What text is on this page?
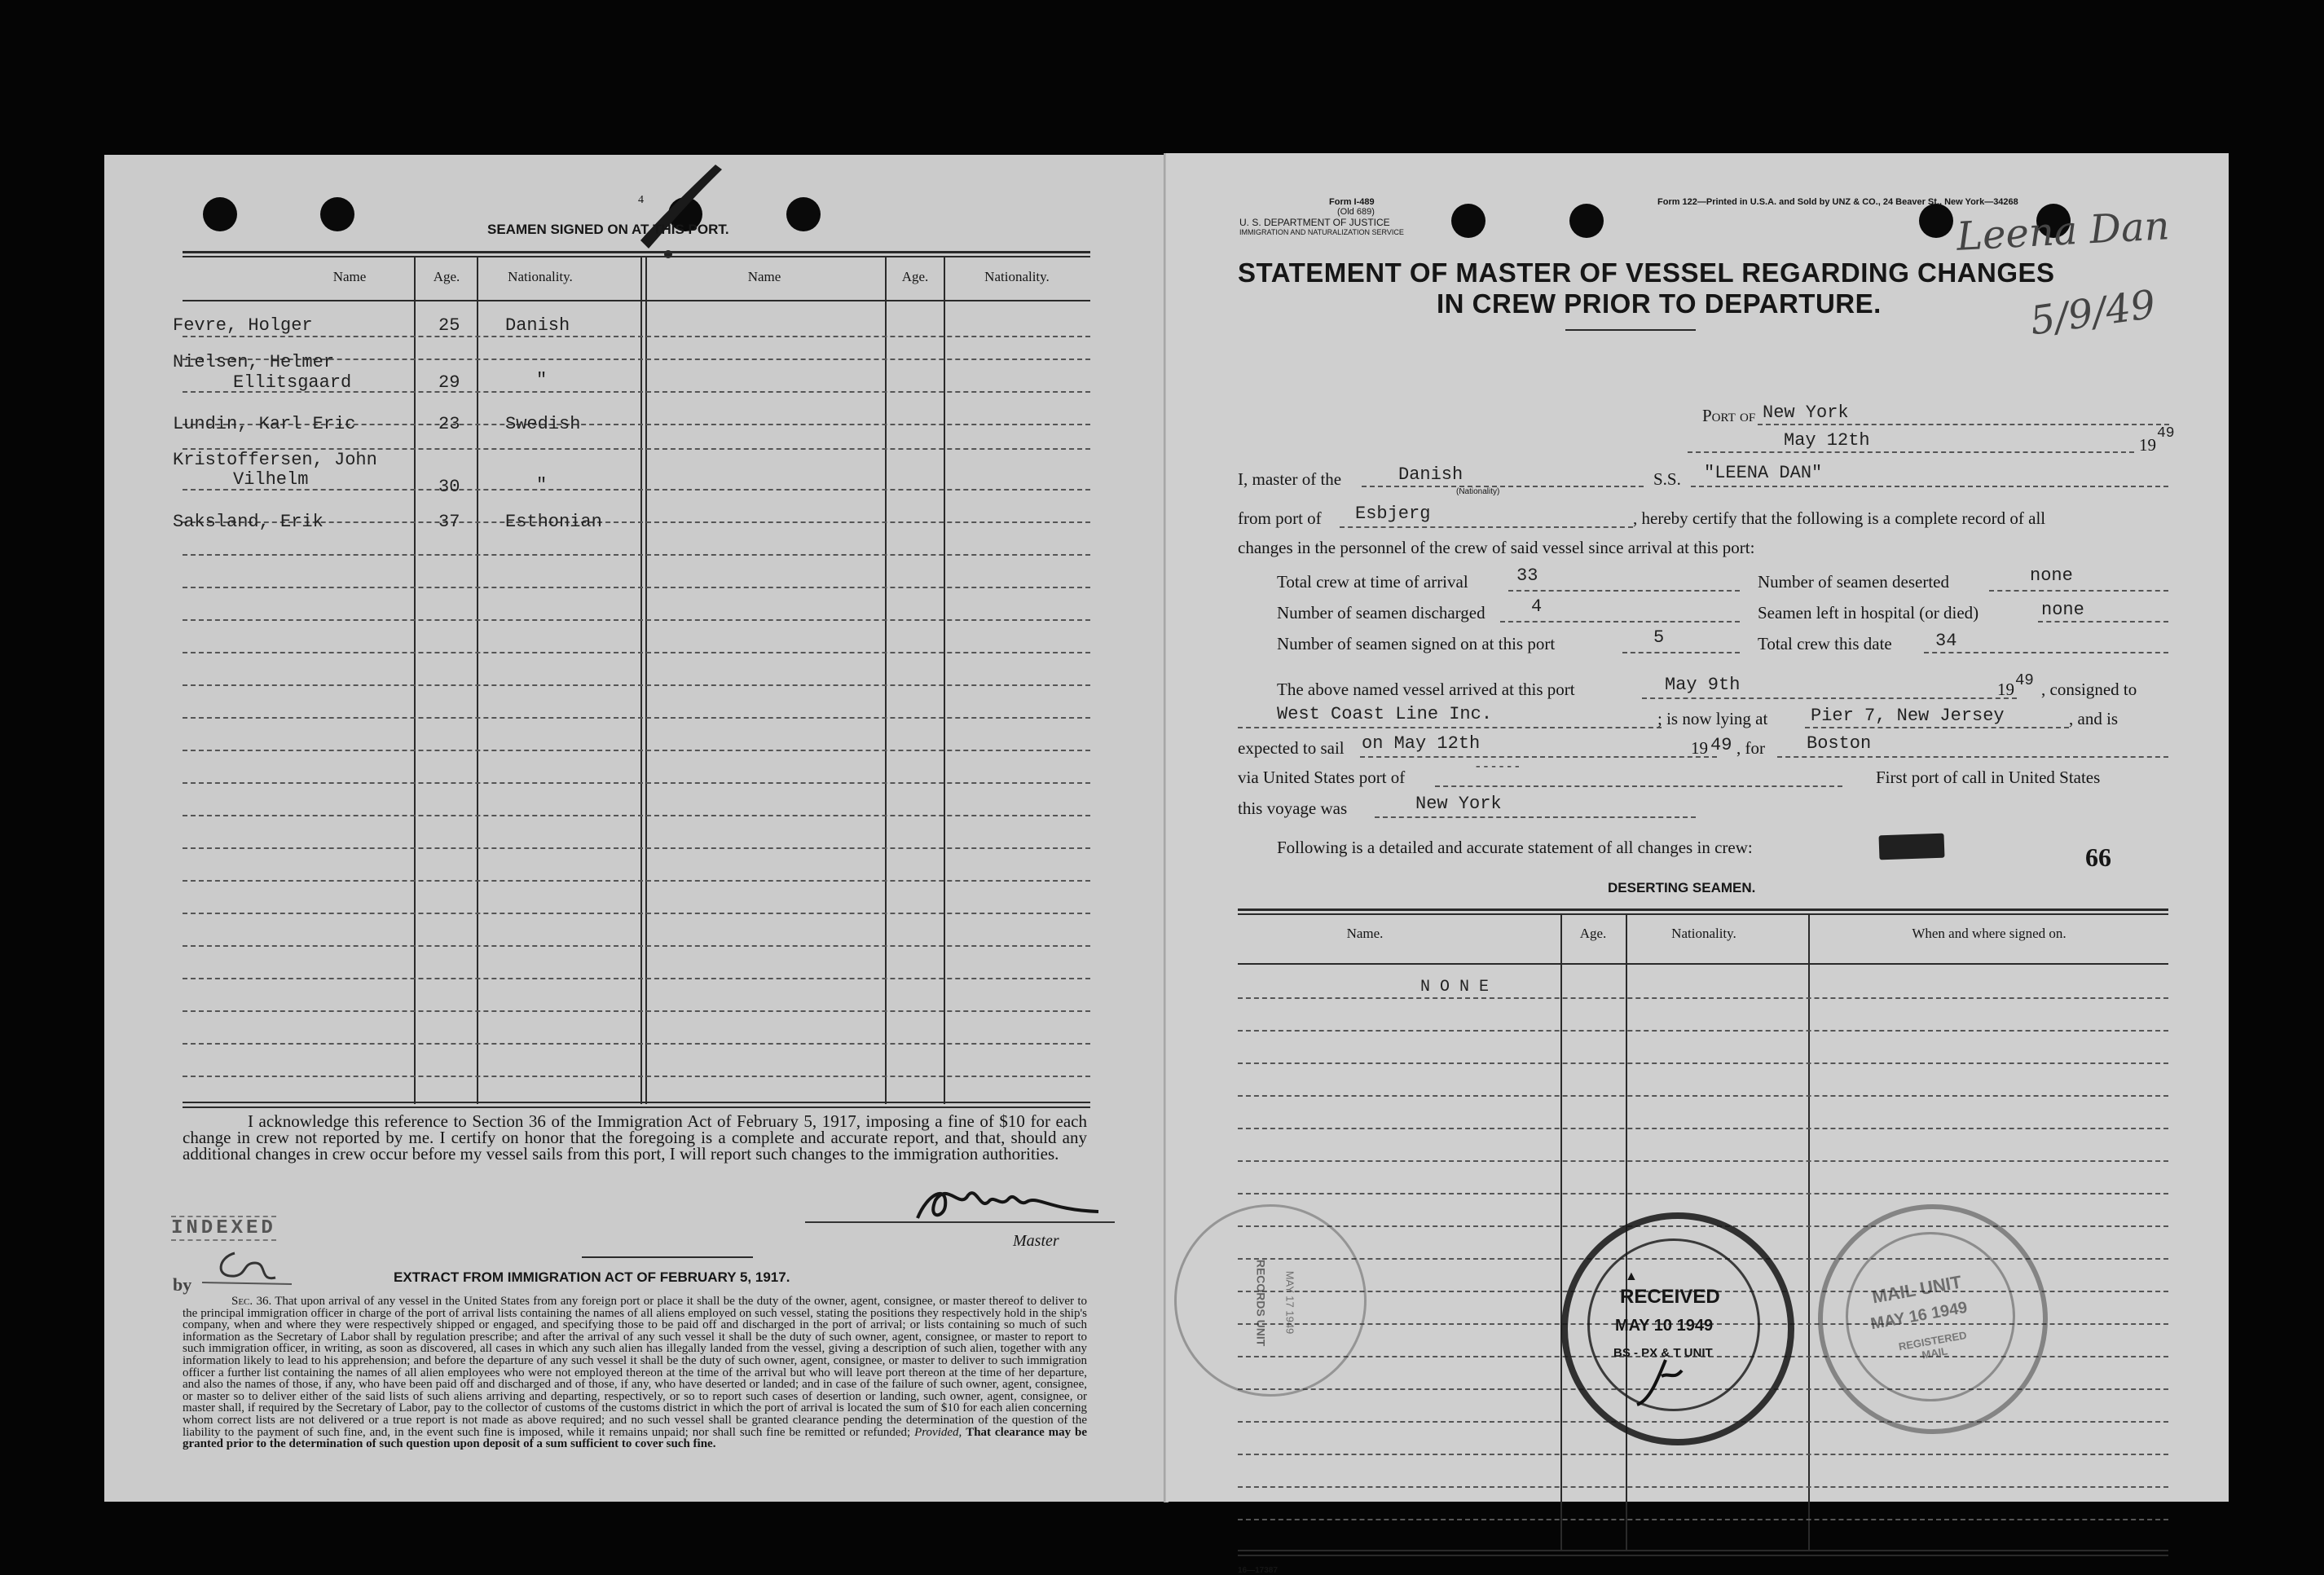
4
SEAMEN SIGNED ON AT THIS PORT.
Name	Age.	Nationality.	Name	Age.	Nationality.
Fevre, Holger	25	Danish
Nielsen, Helmer
Ellitsgaard	29	"
Lundin, Karl Eric	23	Swedish
Kristoffersen, John
Vilhelm	30	"
Saksland, Erik	37	Esthonian
I acknowledge this reference to Section 36 of the Immigration Act of February 5, 1917, imposing a fine of $10 for each change in crew not reported by me. I certify on honor that the foregoing is a complete and accurate report, and that, should any additional changes in crew occur before my vessel sails from this port, I will report such changes to the immigration authorities.
Master
INDEXED
by	EXTRACT FROM IMMIGRATION ACT OF FEBRUARY 5, 1917.
Sec. 36. That upon arrival of any vessel in the United States from any foreign port or place it shall be the duty of the owner, agent, consignee, or master thereof to deliver to the principal immigration officer in charge of the port of arrival lists containing the names of all aliens employed on such vessel, stating the positions they respectively hold in the ship's company, when and where they were respectively shipped or engaged, and specifying those to be paid off and discharged in the port of arrival; or lists containing so much of such information as the Secretary of Labor shall by regulation prescribe; and after the arrival of any such vessel it shall be the duty of such owner, agent, consignee, or master to report to such immigration officer, in writing, as soon as discovered, all cases in which any such alien has illegally landed from the vessel, giving a description of such alien, together with any information likely to lead to his apprehension; and before the departure of any such vessel it shall be the duty of such owner, agent, consignee, or master to deliver to such immigration officer a further list containing the names of all alien employees who were not employed thereon at the time of the arrival but who will leave port thereon at the time of her departure, and also the names of those, if any, who have been paid off and discharged and of those, if any, who have deserted or landed; and in case of the failure of such owner, agent, consignee, or master so to deliver either of the said lists of such aliens arriving and departing, respectively, or so to report such cases of desertion or landing, such owner, agent, consignee, or master shall, if required by the Secretary of Labor, pay to the collector of customs of the customs district in which the port of arrival is located the sum of $10 for each alien concerning whom correct lists are not delivered or a true report is not made as above required; and no such vessel shall be granted clearance pending the determination of the question of the liability to the payment of such fine, and, in the event such fine is imposed, while it remains unpaid; nor shall such fine be remitted or refunded; Provided, That clearance may be granted prior to the determination of such question upon deposit of a sum sufficient to cover such fine.
Form I-489
(Old 689)
U. S. DEPARTMENT OF JUSTICE
IMMIGRATION AND NATURALIZATION SERVICE
Form 122—Printed in U.S.A. and Sold by UNZ & CO., 24 Beaver St., New York—34268
Leena Dan
5/9/49
STATEMENT OF MASTER OF VESSEL REGARDING CHANGES
IN CREW PRIOR TO DEPARTURE.
Port of New York
May 12th	19
49
I, master of the	Danish
(Nationality)
S.S. "LEENA DAN"
from port of Esbjerg	, hereby certify that the following is a complete record of all
changes in the personnel of the crew of said vessel since arrival at this port:
Total crew at time of arrival	33	Number of seamen deserted	none
Number of seamen discharged	4	Seamen left in hospital (or died)	none
Number of seamen signed on at this port	5	Total crew this date 34
The above named vessel arrived at this port	May 9th	19 49 , consigned to
West Coast Line Inc.	; is now lying at Pier 7, New Jersey	, and is
expected to sail on May 12th	19 49 , for Boston
via United States port of
------
First port of call in United States
this voyage was	New York
Following is a detailed and accurate statement of all changes in crew:	66
DESERTING SEAMEN.
Name.	Age.	Nationality.	When and where signed on.
N O N E
RECORDS UNIT MAY 17 1949	▲
RECEIVED
MAY 10 1949
BS - PX & T UNIT
MAIL UNIT
MAY 16 1949
REGISTERED MAIL
16—17387
